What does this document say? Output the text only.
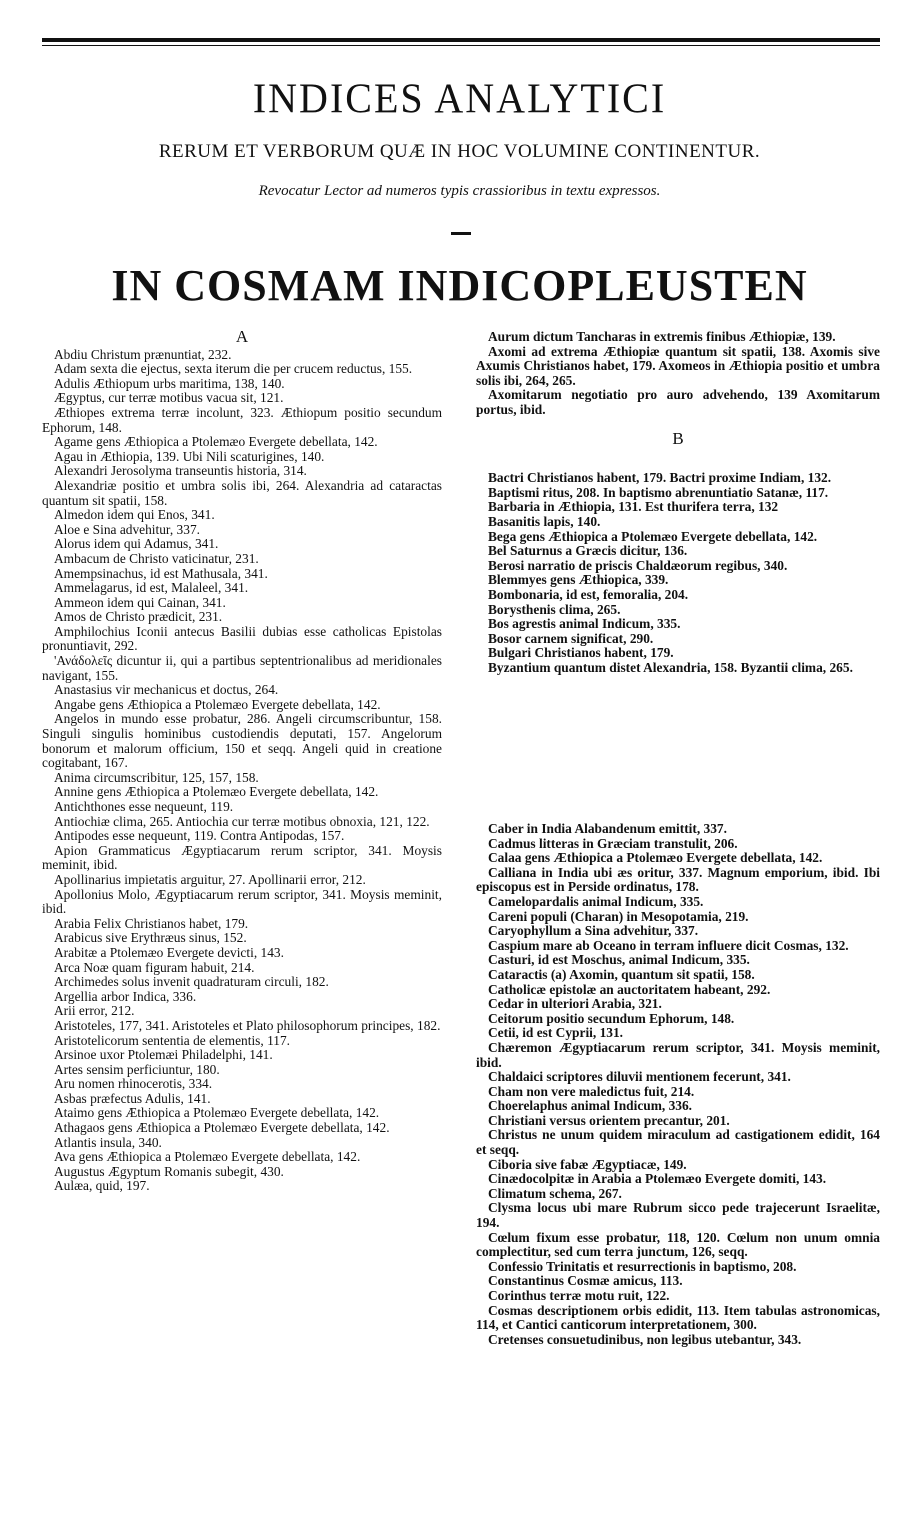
INDICES ANALYTICI
RERUM ET VERBORUM QUÆ IN HOC VOLUMINE CONTINENTUR.
Revocatur Lector ad numeros typis crassioribus in textu expressos.
IN COSMAM INDICOPLEUSTEN
A

Abdiu Christum prænuntiat, 232.

Adam sexta die ejectus, sexta iterum die per crucem reductus, 155.

Adulis Æthiopum urbs maritima, 138, 140.

Ægyptus, cur terræ motibus vacua sit, 121.

Æthiopes extrema terræ incolunt, 323. Æthiopum positio secundum Ephorum, 148.

Agame gens Æthiopica a Ptolemæo Evergete debellata, 142.

Agau in Æthiopia, 139. Ubi Nili scaturigines, 140.

Alexandri Jerosolyma transeuntis historia, 314.

Alexandriæ positio et umbra solis ibi, 264. Alexandria ad cataractas quantum sit spatii, 158.

Almedon idem qui Enos, 341.

Aloe e Sina advehitur, 337.

Alorus idem qui Adamus, 341.

Ambacum de Christo vaticinatur, 231.

Amempsinachus, id est Mathusala, 341.

Ammelagarus, id est, Malaleel, 341.

Ammeon idem qui Cainan, 341.

Amos de Christo prædicit, 231.

Amphilochius Iconii antecus Basilii dubias esse catholicas Epistolas pronuntiavit, 292.

'Ανάδολεῖς dicuntur ii, qui a partibus septentrionalibus ad meridionales navigant, 155.

Anastasius vir mechanicus et doctus, 264.

Angabe gens Æthiopica a Ptolemæo Evergete debellata, 142.

Angelos in mundo esse probatur, 286. Angeli circumscribuntur, 158. Singuli singulis hominibus custodiendis deputati, 157. Angelorum bonorum et malorum officium, 150 et seqq. Angeli quid in creatione cogitabant, 167.

Anima circumscribitur, 125, 157, 158.

Annine gens Æthiopica a Ptolemæo Evergete debellata, 142.

Antichthones esse nequeunt, 119.

Antiochiæ clima, 265. Antiochia cur terræ motibus obnoxia, 121, 122.

Antipodes esse nequeunt, 119. Contra Antipodas, 157.

Apion Grammaticus Ægyptiacarum rerum scriptor, 341. Moysis meminit, ibid.

Apollinarius impietatis arguitur, 27. Apollinarii error, 212.

Apollonius Molo, Ægyptiacarum rerum scriptor, 341. Moysis meminit, ibid.

Arabia Felix Christianos habet, 179.

Arabicus sive Erythræus sinus, 152.

Arabitæ a Ptolemæo Evergete devicti, 143.

Arca Noæ quam figuram habuit, 214.

Archimedes solus invenit quadraturam circuli, 182.

Argellia arbor Indica, 336.

Arii error, 212.

Aristoteles, 177, 341. Aristoteles et Plato philosophorum principes, 182.

Aristotelicorum sententia de elementis, 117.

Arsinoe uxor Ptolemæi Philadelphi, 141.

Artes sensim perficiuntur, 180.

Aru nomen rhinocerotis, 334.

Asbas præfectus Adulis, 141.

Ataimo gens Æthiopica a Ptolemæo Evergete debellata, 142.

Athagaos gens Æthiopica a Ptolemæo Evergete debellata, 142.

Atlantis insula, 340.

Ava gens Æthiopica a Ptolemæo Evergete debellata, 142.

Augustus Ægyptum Romanis subegit, 430.

Aulæa, quid, 197.

Aurum dictum Tancharas in extremis finibus Æthiopiæ, 139.

Axomi ad extrema Æthiopiæ quantum sit spatii, 138. Axomis sive Axumis Christianos habet, 179. Axomeos in Æthiopia positio et umbra solis ibi, 264, 265.

Axomitarum negotiatio pro auro advehendo, 139 Axomitarum portus, ibid.

B

Bactri Christianos habent, 179. Bactri proxime Indiam, 132.

Baptismi ritus, 208. In baptismo abrenuntiatio Satanæ, 117.

Barbaria in Æthiopia, 131. Est thurifera terra, 132

Basanitis lapis, 140.

Bega gens Æthiopica a Ptolemæo Evergete debellata, 142.

Bel Saturnus a Græcis dicitur, 136.

Berosi narratio de priscis Chaldæorum regibus, 340.

Blemmyes gens Æthiopica, 339.

Bombonaria, id est, femoralia, 204.

Borysthenis clima, 265.

Bos agrestis animal Indicum, 335.

Bosor carnem significat, 290.

Bulgari Christianos habent, 179.

Byzantium quantum distet Alexandria, 158. Byzantii clima, 265.

Caber in India Alabandenum emittit, 337.

Cadmus litteras in Græciam transtulit, 206.

Calaa gens Æthiopica a Ptolemæo Evergete debellata, 142.

Calliana in India ubi æs oritur, 337. Magnum emporium, ibid. Ibi episcopus est in Perside ordinatus, 178.

Camelopardalis animal Indicum, 335.

Careni populi (Charan) in Mesopotamia, 219.

Caryophyllum a Sina advehitur, 337.

Caspium mare ab Oceano in terram influere dicit Cosmas, 132.

Casturi, id est Moschus, animal Indicum, 335.

Cataractis (a) Axomin, quantum sit spatii, 158.

Catholicæ epistolæ an auctoritatem habeant, 292.

Cedar in ulteriori Arabia, 321.

Ceitorum positio secundum Ephorum, 148.

Cetii, id est Cyprii, 131.

Chæremon Ægyptiacarum rerum scriptor, 341. Moysis meminit, ibid.

Chaldaici scriptores diluvii mentionem fecerunt, 341.

Cham non vere maledictus fuit, 214.

Choerelaphus animal Indicum, 336.

Christiani versus orientem precantur, 201.

Christus ne unum quidem miraculum ad castigationem edidit, 164 et seqq.

Ciboria sive fabæ Ægyptiacæ, 149.

Cinædocolpitæ in Arabia a Ptolemæo Evergete domiti, 143.

Climatum schema, 267.

Clysma locus ubi mare Rubrum sicco pede trajecerunt Israelitæ, 194.

Cœlum fixum esse probatur, 118, 120. Cœlum non unum omnia complectitur, sed cum terra junctum, 126, seqq.

Confessio Trinitatis et resurrectionis in baptismo, 208.

Constantinus Cosmæ amicus, 113.

Corinthus terræ motu ruit, 122.

Cosmas descriptionem orbis edidit, 113. Item tabulas astronomicas, 114, et Cantici canticorum interpretationem, 300.

Cretenses consuetudinibus, non legibus utebantur, 343.
